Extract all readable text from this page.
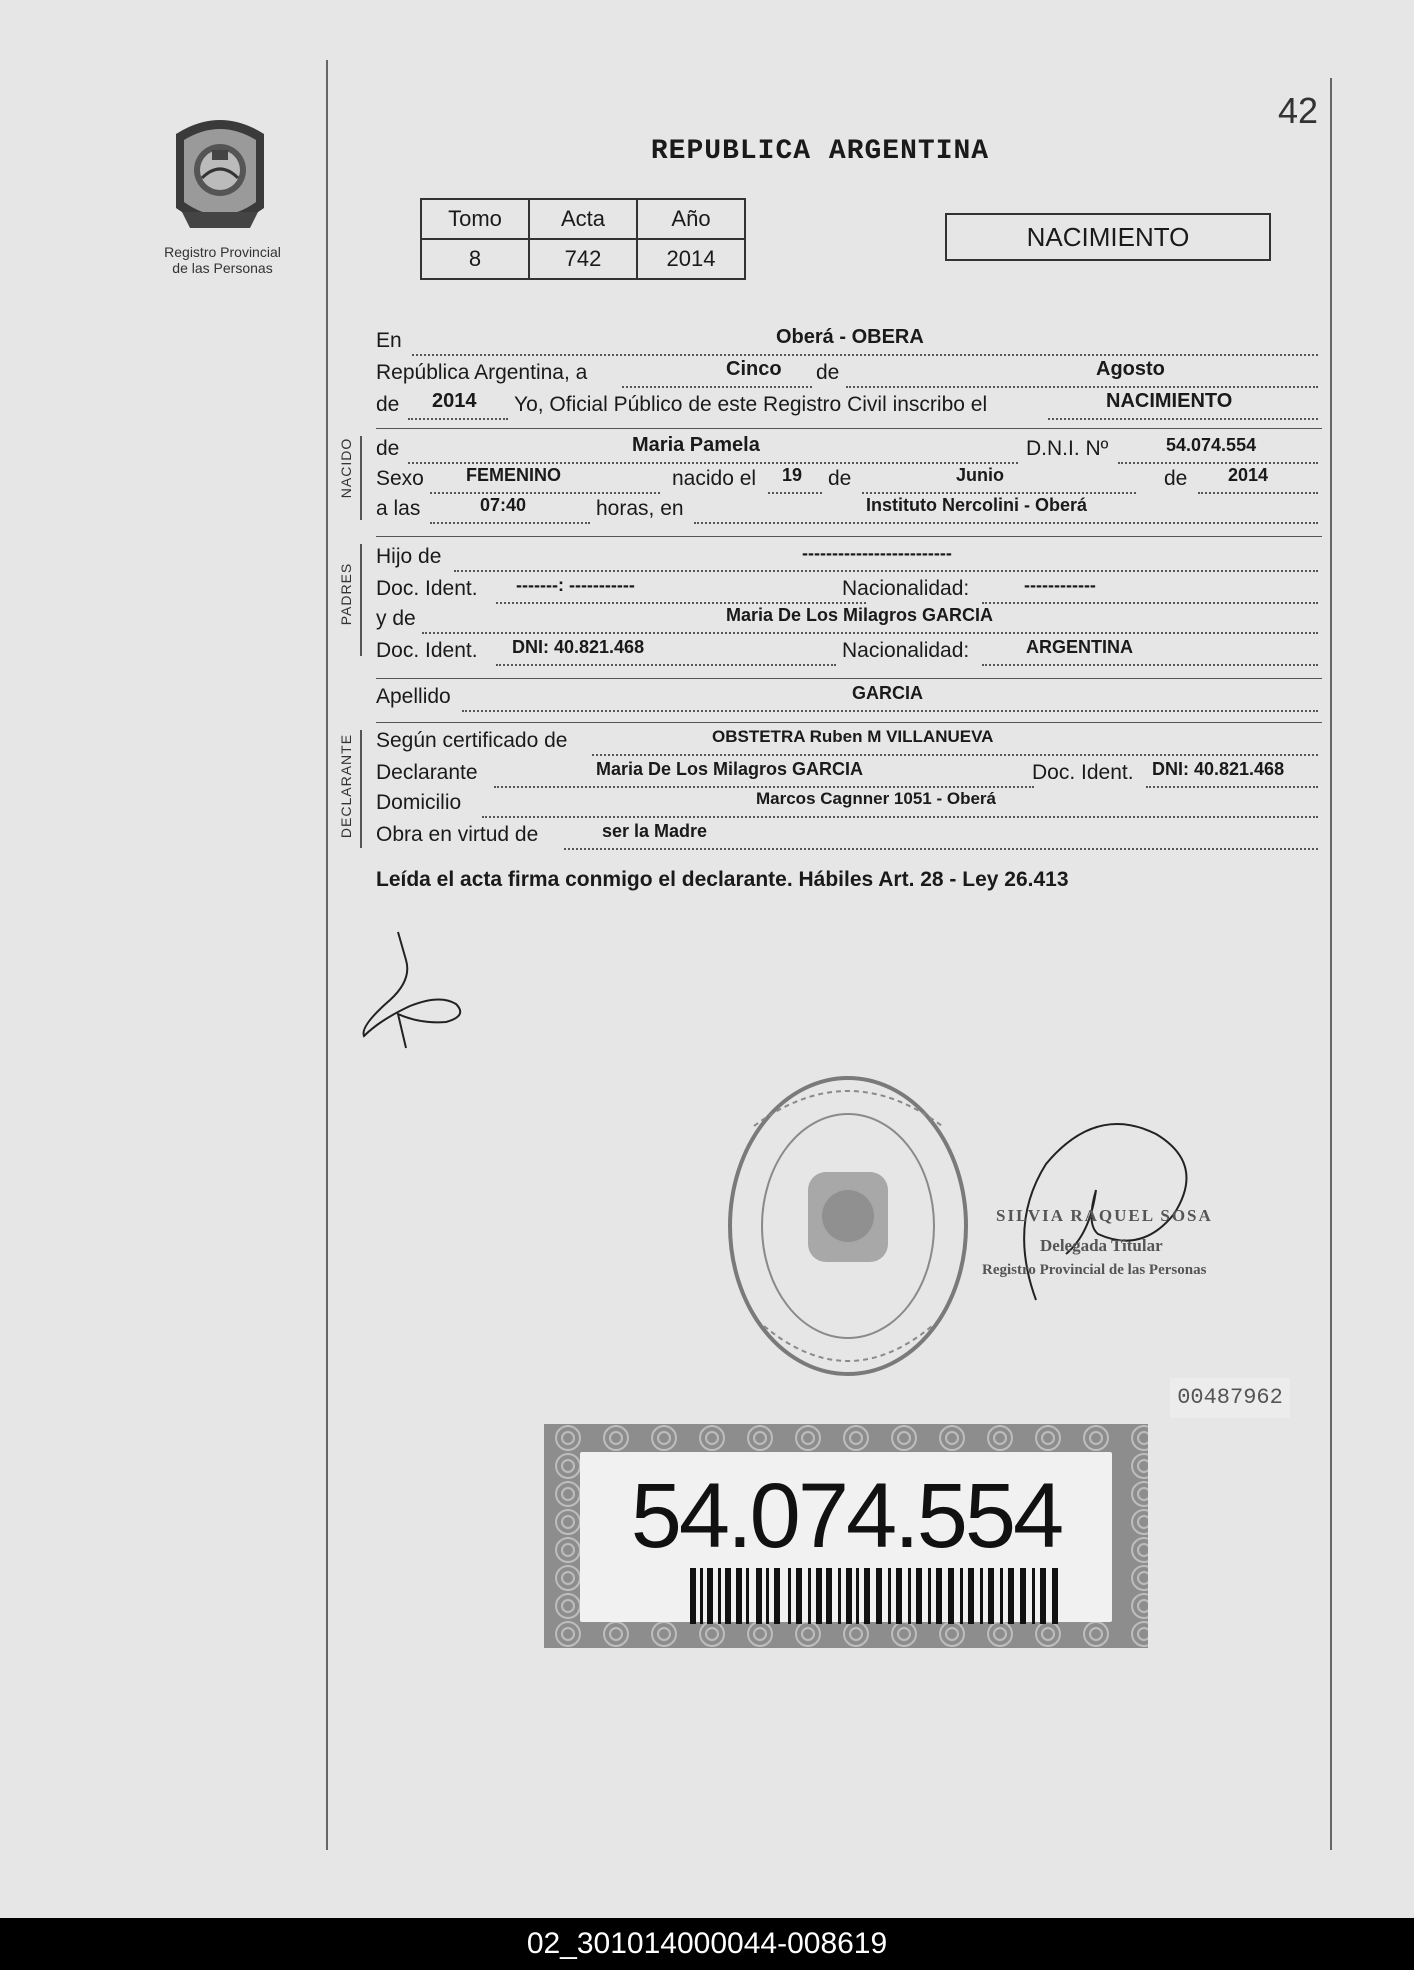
Registro Provincial
de las Personas
42
REPUBLICA ARGENTINA
Tomo	Acta	Año
8	742	2014
NACIMIENTO
En	Oberá - OBERA
República Argentina, a	Cinco de	Agosto
de 2014 Yo, Oficial Público de este Registro Civil inscribo el	NACIMIENTO
NACIDO de	Maria Pamela	D.N.I. Nº	54.074.554
Sexo FEMENINO	nacido el 19 de	Junio	de 2014
a las	07:40	horas, en	Instituto Nercolini - Oberá
PADRES
Hijo de	-------------------------
Doc. Ident. -------: -----------	Nacionalidad:	------------
y de	Maria De Los Milagros GARCIA
Doc. Ident. DNI: 40.821.468	Nacionalidad:	ARGENTINA
Apellido	GARCIA
DECLARANTE Según certificado de	OBSTETRA Ruben M VILLANUEVA
Declarante	Maria De Los Milagros GARCIA	Doc. Ident. DNI: 40.821.468
Domicilio	Marcos Cagnner 1051 - Oberá
Obra en virtud de	ser la Madre
Leída el acta firma conmigo el declarante. Hábiles Art. 28 - Ley 26.413
SILVIA RAQUEL SOSA
Delegada Titular
Registro Provincial de las Personas
00487962
54.074.554
02_301014000044-008619
